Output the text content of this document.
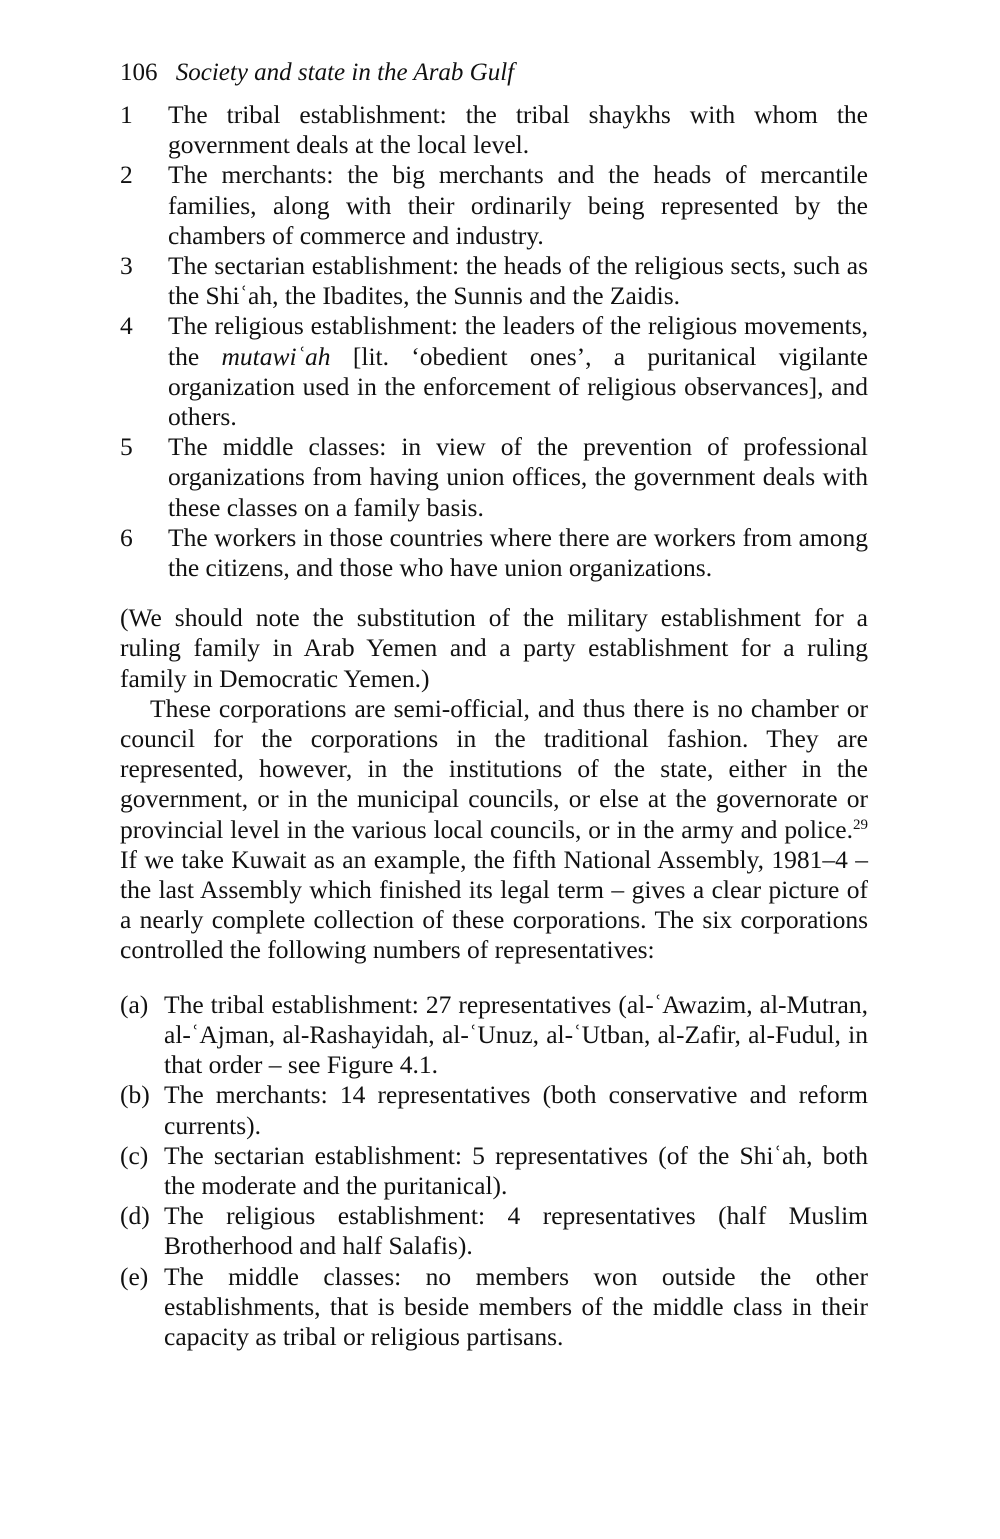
106 Society and state in the Arab Gulf
1 The tribal establishment: the tribal shaykhs with whom the government deals at the local level.
2 The merchants: the big merchants and the heads of mercantile families, along with their ordinarily being represented by the chambers of commerce and industry.
3 The sectarian establishment: the heads of the religious sects, such as the Shiʿah, the Ibadites, the Sunnis and the Zaidis.
4 The religious establishment: the leaders of the religious movements, the mutawiʿah [lit. ‘obedient ones’, a puritanical vigilante organization used in the enforcement of religious observances], and others.
5 The middle classes: in view of the prevention of professional organizations from having union offices, the government deals with these classes on a family basis.
6 The workers in those countries where there are workers from among the citizens, and those who have union organizations.

(We should note the substitution of the military establishment for a ruling family in Arab Yemen and a party establishment for a ruling family in Democratic Yemen.)

These corporations are semi-official, and thus there is no chamber or council for the corporations in the traditional fashion. They are represented, however, in the institutions of the state, either in the government, or in the municipal councils, or else at the governorate or provincial level in the various local councils, or in the army and police.$^{29}$ If we take Kuwait as an example, the fifth National Assembly, 1981–4 – the last Assembly which finished its legal term – gives a clear picture of a nearly complete collection of these corporations. The six corporations controlled the following numbers of representatives:

(a) The tribal establishment: 27 representatives (al-ʿAwazim, al-Mutran, al-ʿAjman, al-Rashayidah, al-ʿUnuz, al-ʿUtban, al-Zafir, al-Fudul, in that order – see Figure 4.1.
(b) The merchants: 14 representatives (both conservative and reform currents).
(c) The sectarian establishment: 5 representatives (of the Shiʿah, both the moderate and the puritanical).
(d) The religious establishment: 4 representatives (half Muslim Brotherhood and half Salafis).
(e) The middle classes: no members won outside the other establishments, that is beside members of the middle class in their capacity as tribal or religious partisans.
